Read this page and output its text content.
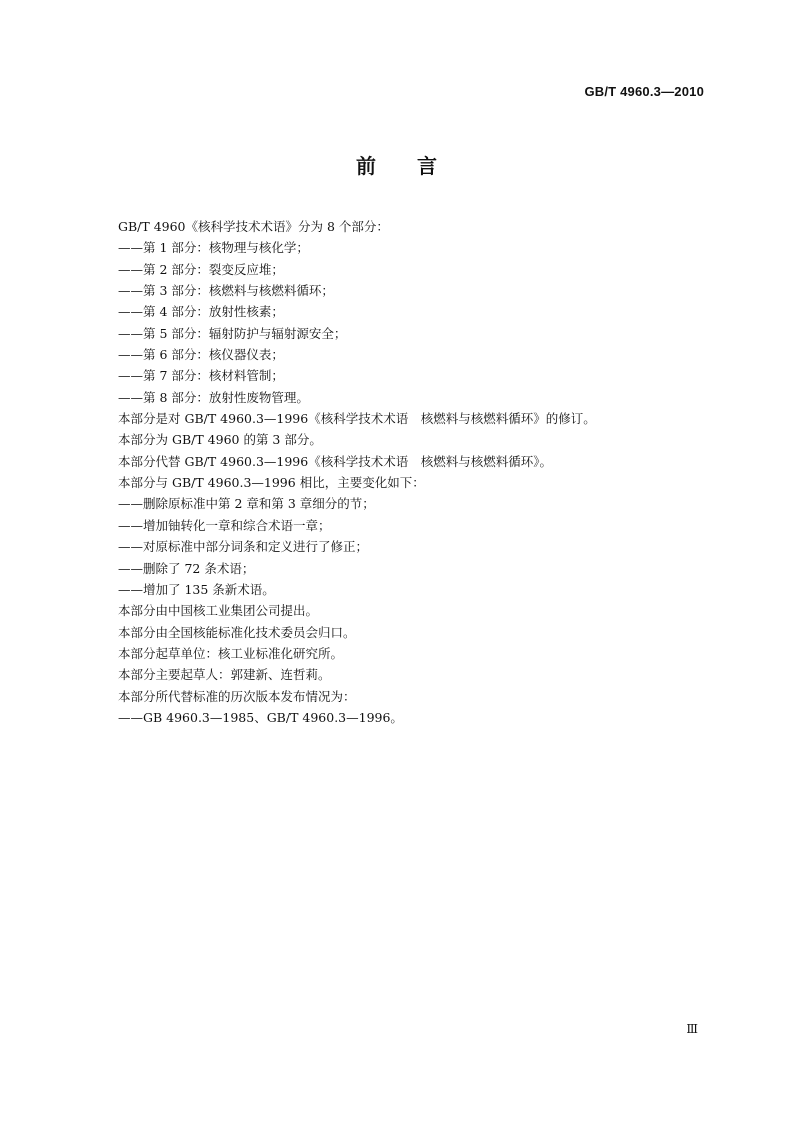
GB/T 4960.3—2010
前 言
GB/T 4960《核科学技术术语》分为 8 个部分：
——第 1 部分：核物理与核化学；
——第 2 部分：裂变反应堆；
——第 3 部分：核燃料与核燃料循环；
——第 4 部分：放射性核素；
——第 5 部分：辐射防护与辐射源安全；
——第 6 部分：核仪器仪表；
——第 7 部分：核材料管制；
——第 8 部分：放射性废物管理。
本部分是对 GB/T 4960.3—1996《核科学技术术语　核燃料与核燃料循环》的修订。
本部分为 GB/T 4960 的第 3 部分。
本部分代替 GB/T 4960.3—1996《核科学技术术语　核燃料与核燃料循环》。
本部分与 GB/T 4960.3—1996 相比，主要变化如下：
——删除原标准中第 2 章和第 3 章细分的节；
——增加铀转化一章和综合术语一章；
——对原标准中部分词条和定义进行了修正；
——删除了 72 条术语；
——增加了 135 条新术语。
本部分由中国核工业集团公司提出。
本部分由全国核能标准化技术委员会归口。
本部分起草单位：核工业标准化研究所。
本部分主要起草人：郭建新、连哲莉。
本部分所代替标准的历次版本发布情况为：
——GB 4960.3—1985、GB/T 4960.3—1996。
Ⅲ
